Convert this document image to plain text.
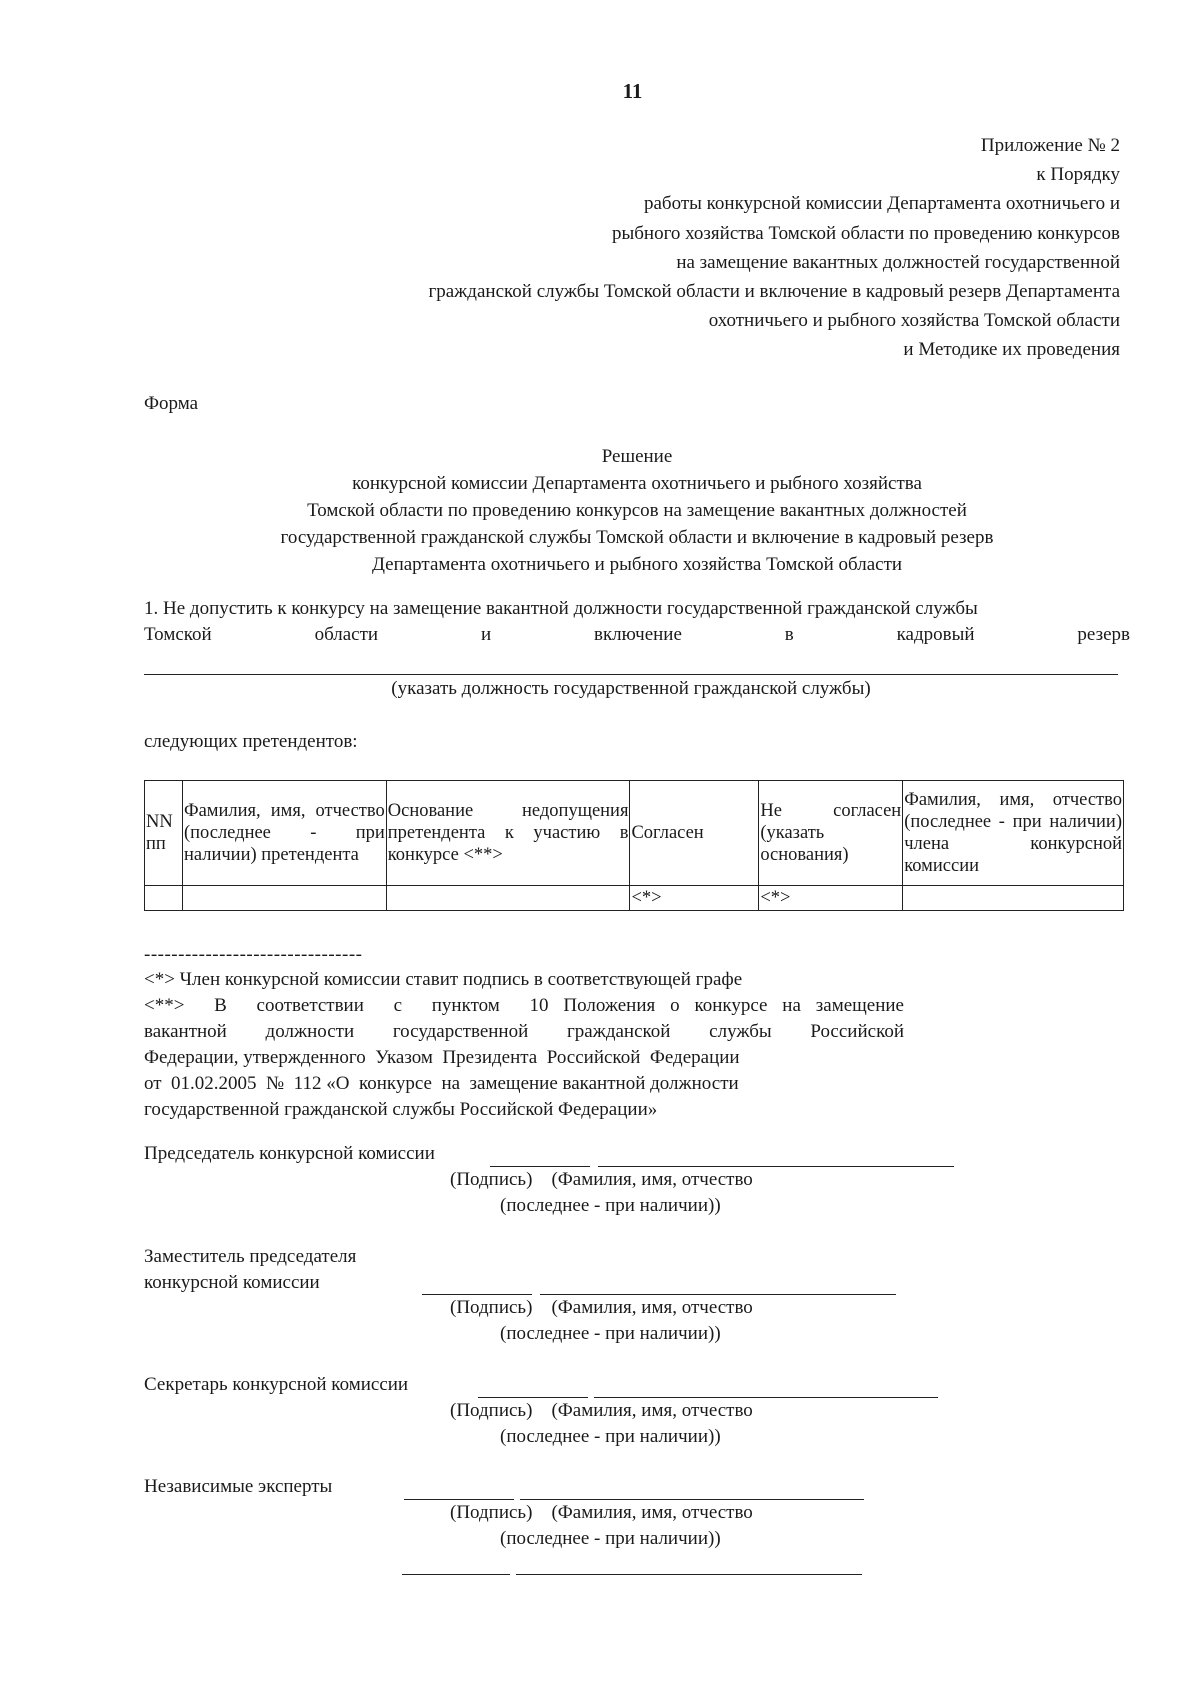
11
Приложение № 2
к Порядку
работы конкурсной комиссии Департамента охотничьего и
рыбного хозяйства Томской области по проведению конкурсов
на замещение вакантных должностей государственной
гражданской службы Томской области и включение в кадровый резерв Департамента
охотничьего и рыбного хозяйства Томской области
и Методике их проведения
Форма
Решение
конкурсной комиссии Департамента охотничьего и рыбного хозяйства
Томской области по проведению конкурсов на замещение вакантных должностей
государственной гражданской службы Томской области и включение в кадровый резерв
Департамента охотничьего и рыбного хозяйства Томской области
1. Не допустить к конкурсу на замещение вакантной должности государственной гражданской службы
Томской	области	и	включение	в	кадровый	резерв
(указать должность государственной гражданской службы)
следующих претендентов:
NN пп	Фамилия, имя, отчество (последнее - при наличии) претендента	Основание недопущения претендента к участию в конкурсе <**>	Согласен	Не согласен (указать основания)	Фамилия, имя, отчество (последнее - при наличии) члена конкурсной комиссии
			<*>	<*>	
--------------------------------
<*> Член конкурсной комиссии ставит подпись в соответствующей графе
<**>  В  соответствии  с  пунктом  10 Положения о конкурсе на замещение
вакантной  должности  государственной  гражданской  службы  Российской
Федерации, утвержденного  Указом  Президента  Российской  Федерации
от  01.02.2005  №  112 «О  конкурсе  на  замещение вакантной должности
государственной гражданской службы Российской Федерации»
Председатель конкурсной комиссии
(Подпись) (Фамилия, имя, отчество
(последнее - при наличии))
Заместитель председателя
конкурсной комиссии
(Подпись) (Фамилия, имя, отчество
(последнее - при наличии))
Секретарь конкурсной комиссии
(Подпись) (Фамилия, имя, отчество
(последнее - при наличии))
Независимые эксперты
(Подпись) (Фамилия, имя, отчество
(последнее - при наличии))
